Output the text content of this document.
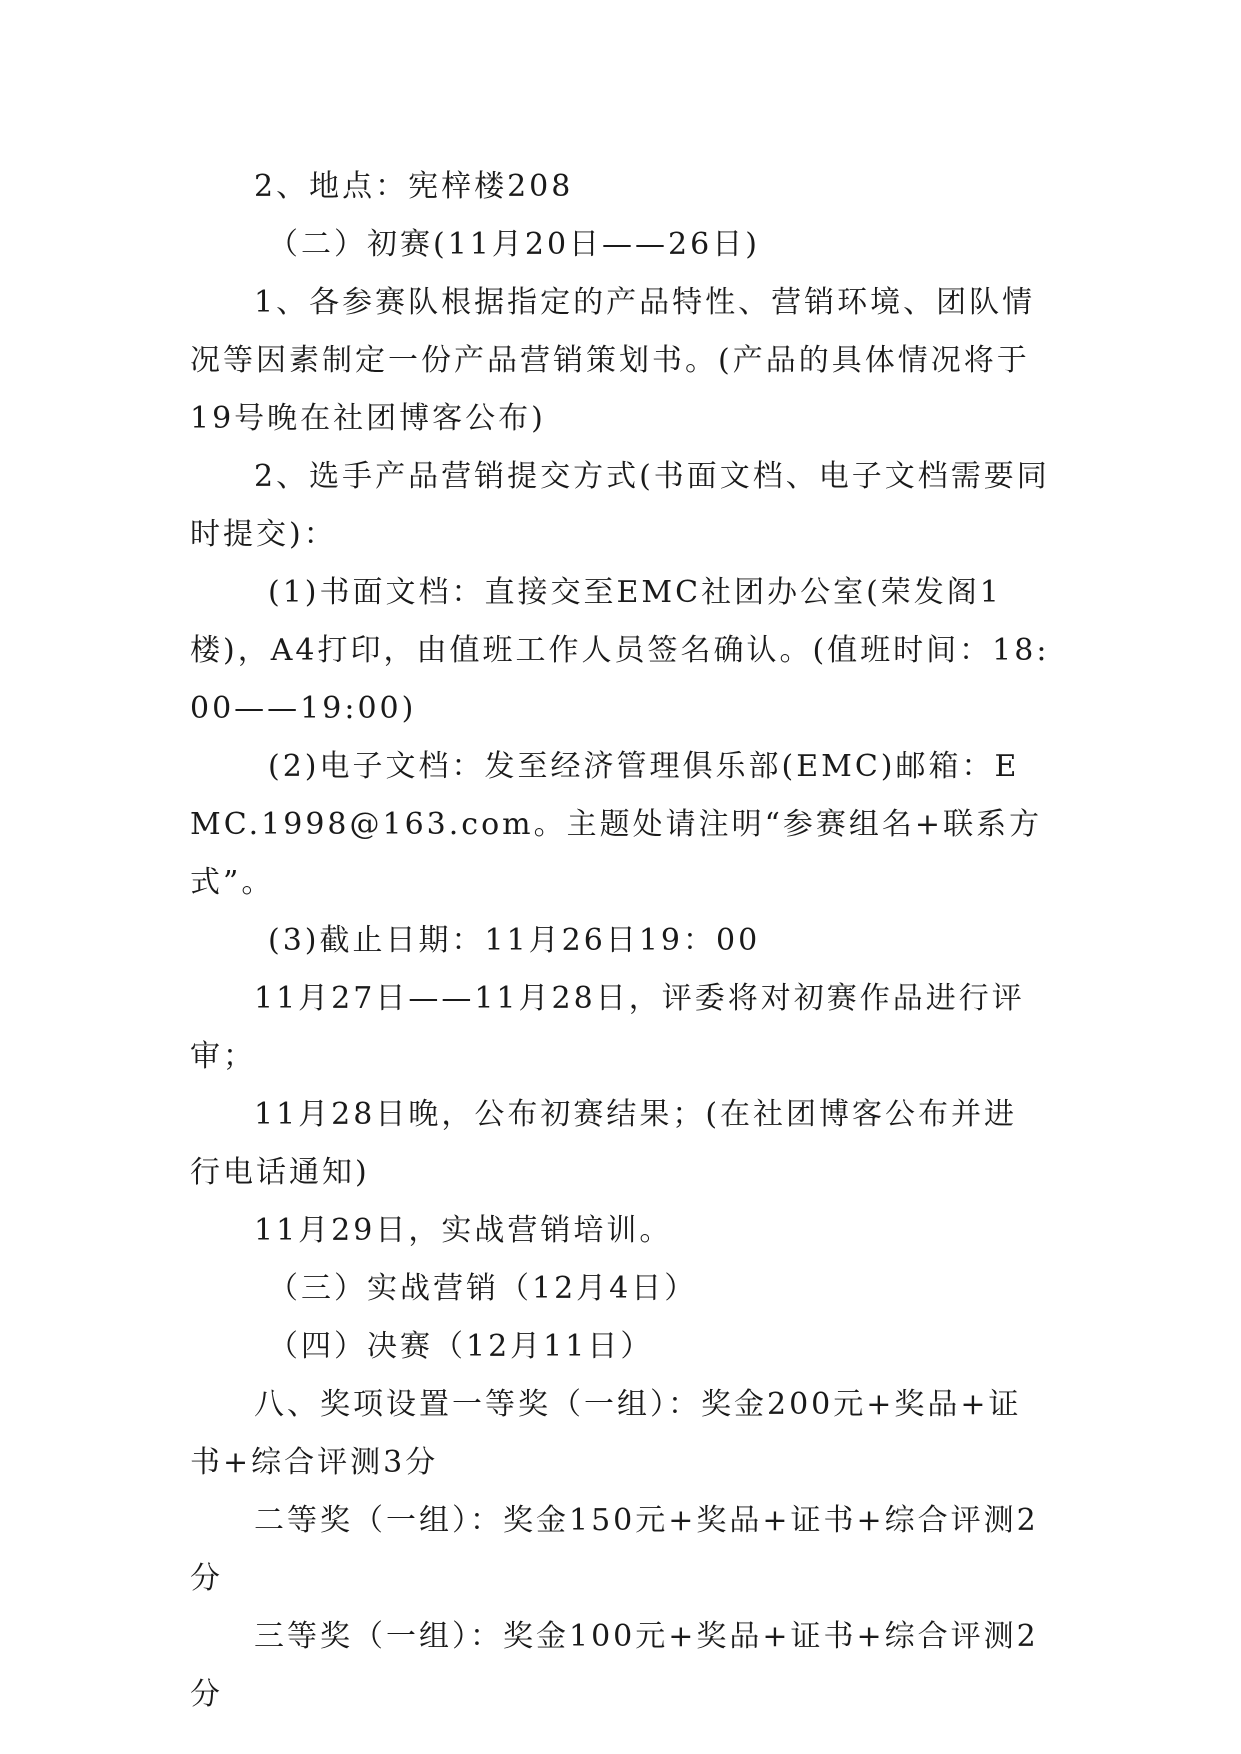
2、地点：宪梓楼208

（二）初赛(11月20日——26日)

1、各参赛队根据指定的产品特性、营销环境、团队情况等因素制定一份产品营销策划书。(产品的具体情况将于19号晚在社团博客公布)

2、选手产品营销提交方式(书面文档、电子文档需要同时提交)：

(1)书面文档：直接交至EMC社团办公室(荣发阁1楼)，A4打印，由值班工作人员签名确认。(值班时间：18:00——19:00)

(2)电子文档：发至经济管理俱乐部(EMC)邮箱：EMC.1998@163.com。主题处请注明“参赛组名+联系方式”。

(3)截止日期：11月26日19：00

11月27日——11月28日，评委将对初赛作品进行评审；

11月28日晚，公布初赛结果；(在社团博客公布并进行电话通知)

11月29日，实战营销培训。

（三）实战营销（12月4日）

（四）决赛（12月11日）

八、奖项设置一等奖（一组）：奖金200元+奖品+证书+综合评测3分

二等奖（一组）：奖金150元+奖品+证书+综合评测2分

三等奖（一组）：奖金100元+奖品+证书+综合评测2分
